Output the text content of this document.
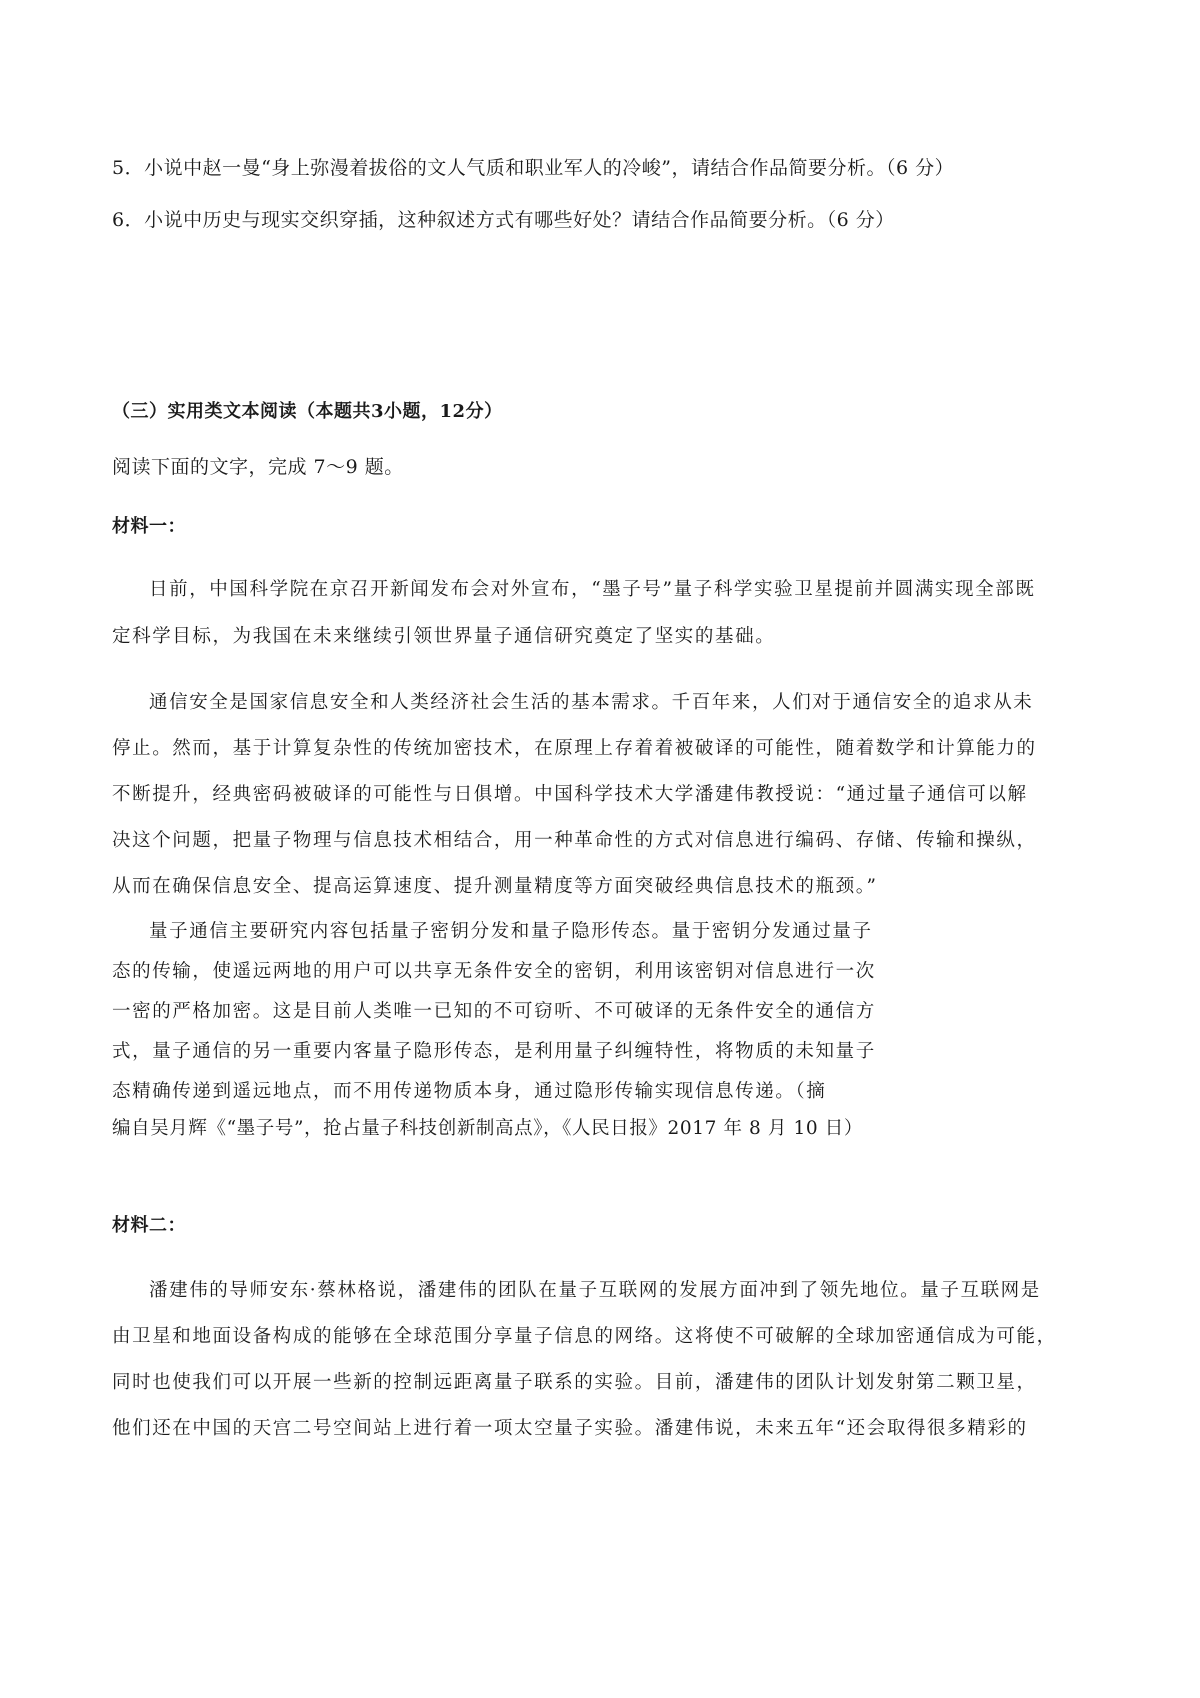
5．小说中赵一曼“身上弥漫着拔俗的文人气质和职业军人的冷峻”，请结合作品简要分析。（6 分）
6．小说中历史与现实交织穿插，这种叙述方式有哪些好处？请结合作品简要分析。（6 分）
（三）实用类文本阅读（本题共3小题，12分）
阅读下面的文字，完成 7～9 题。
材料一：
日前，中国科学院在京召开新闻发布会对外宣布，“墨子号”量子科学实验卫星提前并圆满实现全部既
定科学目标，为我国在未来继续引领世界量子通信研究奠定了坚实的基础。
通信安全是国家信息安全和人类经济社会生活的基本需求。千百年来，人们对于通信安全的追求从未
停止。然而，基于计算复杂性的传统加密技术，在原理上存着着被破译的可能性，随着数学和计算能力的
不断提升，经典密码被破译的可能性与日俱增。中国科学技术大学潘建伟教授说：“通过量子通信可以解
决这个问题，把量子物理与信息技术相结合，用一种革命性的方式对信息进行编码、存储、传输和操纵，
从而在确保信息安全、提高运算速度、提升测量精度等方面突破经典信息技术的瓶颈。”
量子通信主要研究内容包括量子密钥分发和量子隐形传态。量于密钥分发通过量子
态的传输，使遥远两地的用户可以共享无条件安全的密钥，利用该密钥对信息进行一次
一密的严格加密。这是目前人类唯一已知的不可窃听、不可破译的无条件安全的通信方
式，量子通信的另一重要内客量子隐形传态，是利用量子纠缠特性，将物质的未知量子
态精确传递到遥远地点，而不用传递物质本身，通过隐形传输实现信息传递。（摘
编自吴月辉《“墨子号”，抢占量子科技创新制高点》，《人民日报》2017 年 8 月 10 日）
材料二：
潘建伟的导师安东·蔡林格说，潘建伟的团队在量子互联网的发展方面冲到了领先地位。量子互联网是
由卫星和地面设备构成的能够在全球范围分享量子信息的网络。这将使不可破解的全球加密通信成为可能，
同时也使我们可以开展一些新的控制远距离量子联系的实验。目前，潘建伟的团队计划发射第二颗卫星，
他们还在中国的天宫二号空间站上进行着一项太空量子实验。潘建伟说，未来五年“还会取得很多精彩的
